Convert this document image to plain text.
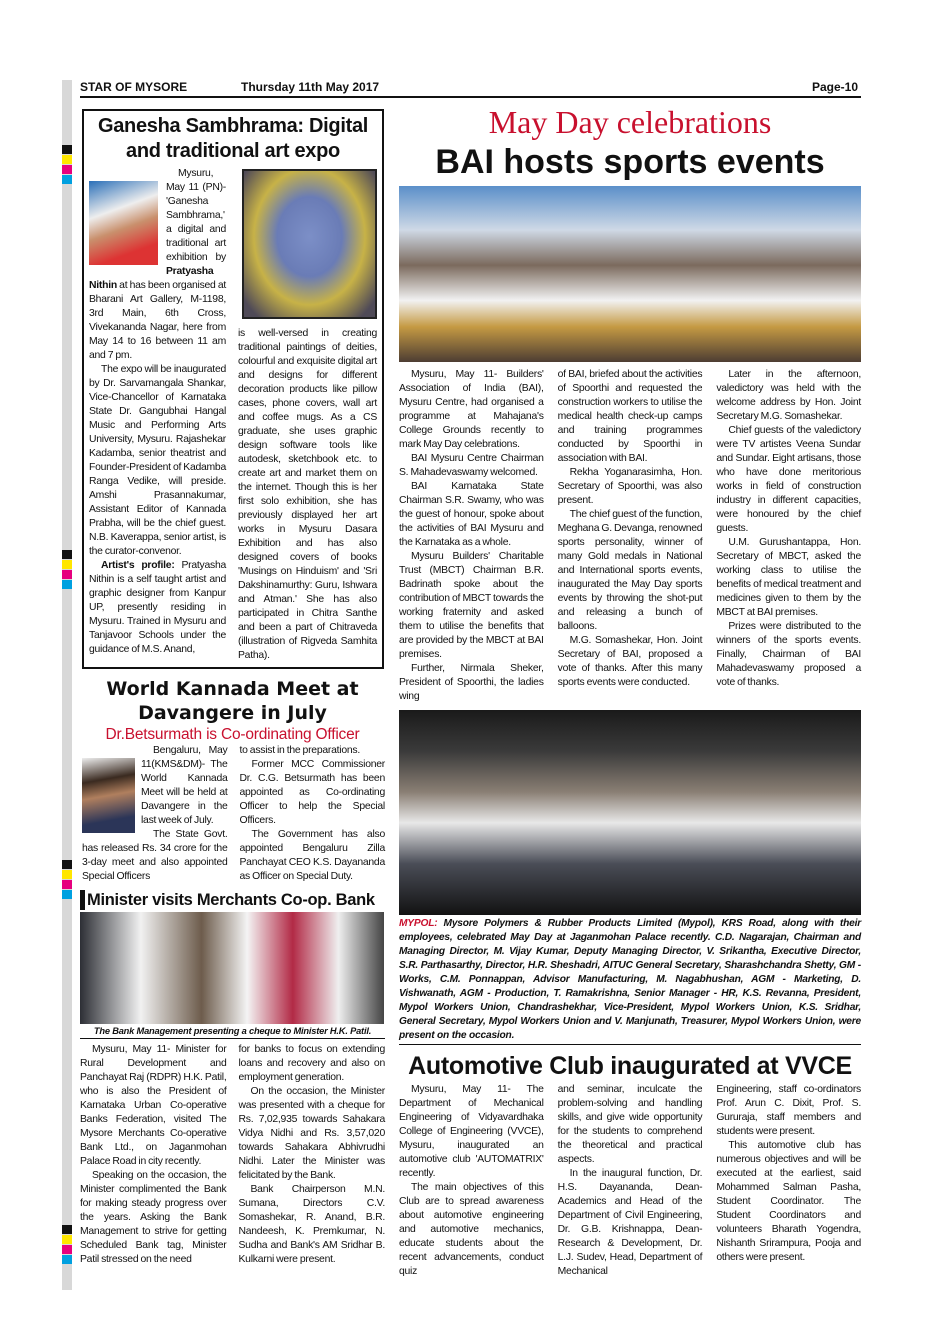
STAR OF MYSORE	Thursday 11th May 2017	Page-10
Ganesha Sambhrama: Digital and traditional art expo

Mysuru, May 11 (PN)- 'Ganesha Sambhrama,' a digital and traditional art exhibition by Pratyasha Nithin at has been organised at Bharani Art Gallery, M-1198, 3rd Main, 6th Cross, Vivekananda Nagar, here from May 14 to 16 between 11 am and 7 pm.

The expo will be inaugurated by Dr. Sarvamangala Shankar, Vice-Chancellor of Karnataka State Dr. Gangubhai Hangal Music and Performing Arts University, Mysuru. Rajashekar Kadamba, senior theatrist and Founder-President of Kadamba Ranga Vedike, will preside. Amshi Prasannakumar, Assistant Editor of Kannada Prabha, will be the chief guest. N.B. Kaverappa, senior artist, is the curator-convenor.

Artist's profile: Pratyasha Nithin is a self taught artist and graphic designer from Kanpur UP, presently residing in Mysuru. Trained in Mysuru and Tanjavoor Schools under the guidance of M.S. Anand,

is well-versed in creating traditional paintings of deities, colourful and exquisite digital art and designs for different decoration products like pillow cases, phone covers, wall art and coffee mugs. As a CS graduate, she uses graphic design software tools like autodesk, sketchbook etc. to create art and market them on the internet. Though this is her first solo exhibition, she has previously displayed her art works in Mysuru Dasara Exhibition and has also designed covers of books 'Musings on Hinduism' and 'Sri Dakshinamurthy: Guru, Ishwara and Atman.' She has also participated in Chitra Santhe and been a part of Chitraveda (illustration of Rigveda Samhita Patha).

World Kannada Meet at Davangere in July
Dr.Betsurmath is Co-ordinating Officer

Bengaluru, May 11(KMS&DM)- The World Kannada Meet will be held at Davangere in the last week of July.

The State Govt. has released Rs. 34 crore for the 3-day meet and also appointed Special Officers

to assist in the preparations.

Former MCC Commissioner Dr. C.G. Betsurmath has been appointed as Co-ordinating Officer to help the Special Officers.

The Government has also appointed Bengaluru Zilla Panchayat CEO K.S. Dayananda as Officer on Special Duty.

Minister visits Merchants Co-op. Bank
The Bank Management presenting a cheque to Minister H.K. Patil.

Mysuru, May 11- Minister for Rural Development and Panchayat Raj (RDPR) H.K. Patil, who is also the President of Karnataka Urban Co-operative Banks Federation, visited The Mysore Merchants Co-operative Bank Ltd., on Jaganmohan Palace Road in city recently.

Speaking on the occasion, the Minister complimented the Bank for making steady progress over the years. Asking the Bank Management to strive for getting Scheduled Bank tag, Minister Patil stressed on the need

for banks to focus on extending loans and recovery and also on employment generation.

On the occasion, the Minister was presented with a cheque for Rs. 7,02,935 towards Sahakara Vidya Nidhi and Rs. 3,57,020 towards Sahakara Abhivrudhi Nidhi. Later the Minister was felicitated by the Bank.

Bank Chairperson M.N. Sumana, Directors C.V. Somashekar, R. Anand, B.R. Nandeesh, K. Premkumar, N. Sudha and Bank's AM Sridhar B. Kulkarni were present.

May Day celebrations
BAI hosts sports events

Mysuru, May 11- Builders' Association of India (BAI), Mysuru Centre, had organised a programme at Mahajana's College Grounds recently to mark May Day celebrations.

BAI Mysuru Centre Chairman S. Mahadevaswamy welcomed.

BAI Karnataka State Chairman S.R. Swamy, who was the guest of honour, spoke about the activities of BAI Mysuru and the Karnataka as a whole.

Mysuru Builders' Charitable Trust (MBCT) Chairman B.R. Badrinath spoke about the contribution of MBCT towards the working fraternity and asked them to utilise the benefits that are provided by the MBCT at BAI premises.

Further, Nirmala Sheker, President of Spoorthi, the ladies wing

of BAI, briefed about the activities of Spoorthi and requested the construction workers to utilise the medical health check-up camps and training programmes conducted by Spoorthi in association with BAI.

Rekha Yoganarasimha, Hon. Secretary of Spoorthi, was also present.

The chief guest of the function, Meghana G. Devanga, renowned sports personality, winner of many Gold medals in National and International sports events, inaugurated the May Day sports events by throwing the shot-put and releasing a bunch of balloons.

M.G. Somashekar, Hon. Joint Secretary of BAI, proposed a vote of thanks. After this many sports events were conducted.

Later in the afternoon, valedictory was held with the welcome address by Hon. Joint Secretary M.G. Somashekar.

Chief guests of the valedictory were TV artistes Veena Sundar and Sundar. Eight artisans, those who have done meritorious works in field of construction industry in different capacities, were honoured by the chief guests.

U.M. Gurushantappa, Hon. Secretary of MBCT, asked the working class to utilise the benefits of medical treatment and medicines given to them by the MBCT at BAI premises.

Prizes were distributed to the winners of the sports events. Finally, Chairman of BAI Mahadevaswamy proposed a vote of thanks.

MYPOL: Mysore Polymers & Rubber Products Limited (Mypol), KRS Road, along with their employees, celebrated May Day at Jaganmohan Palace recently. C.D. Nagarajan, Chairman and Managing Director, M. Vijay Kumar, Deputy Managing Director, V. Srikantha, Executive Director, S.R. Parthasarthy, Director, H.R. Sheshadri, AITUC General Secretary, Sharashchandra Shetty, GM - Works, C.M. Ponnappan, Advisor Manufacturing, M. Nagabhushan, AGM - Marketing, D. Vishwanath, AGM - Production, T. Ramakrishna, Senior Manager - HR, K.S. Revanna, President, Mypol Workers Union, Chandrashekhar, Vice-President, Mypol Workers Union, K.S. Sridhar, General Secretary, Mypol Workers Union and V. Manjunath, Treasurer, Mypol Workers Union, were present on the occasion.
Automotive Club inaugurated at VVCE

Mysuru, May 11- The Department of Mechanical Engineering of Vidyavardhaka College of Engineering (VVCE), Mysuru, inaugurated an automotive club 'AUTOMATRIX' recently.

The main objectives of this Club are to spread awareness about automotive engineering and automotive mechanics, educate students about the recent advancements, conduct quiz

and seminar, inculcate the problem-solving and handling skills, and give wide opportunity for the students to comprehend the theoretical and practical aspects.

In the inaugural function, Dr. H.S. Dayananda, Dean-Academics and Head of the Department of Civil Engineering, Dr. G.B. Krishnappa, Dean-Research & Development, Dr. L.J. Sudev, Head, Department of Mechanical

Engineering, staff co-ordinators Prof. Arun C. Dixit, Prof. S. Gururaja, staff members and students were present.

This automotive club has numerous objectives and will be executed at the earliest, said Mohammed Salman Pasha, Student Coordinator. The Student Coordinators and volunteers Bharath Yogendra, Nishanth Srirampura, Pooja and others were present.
